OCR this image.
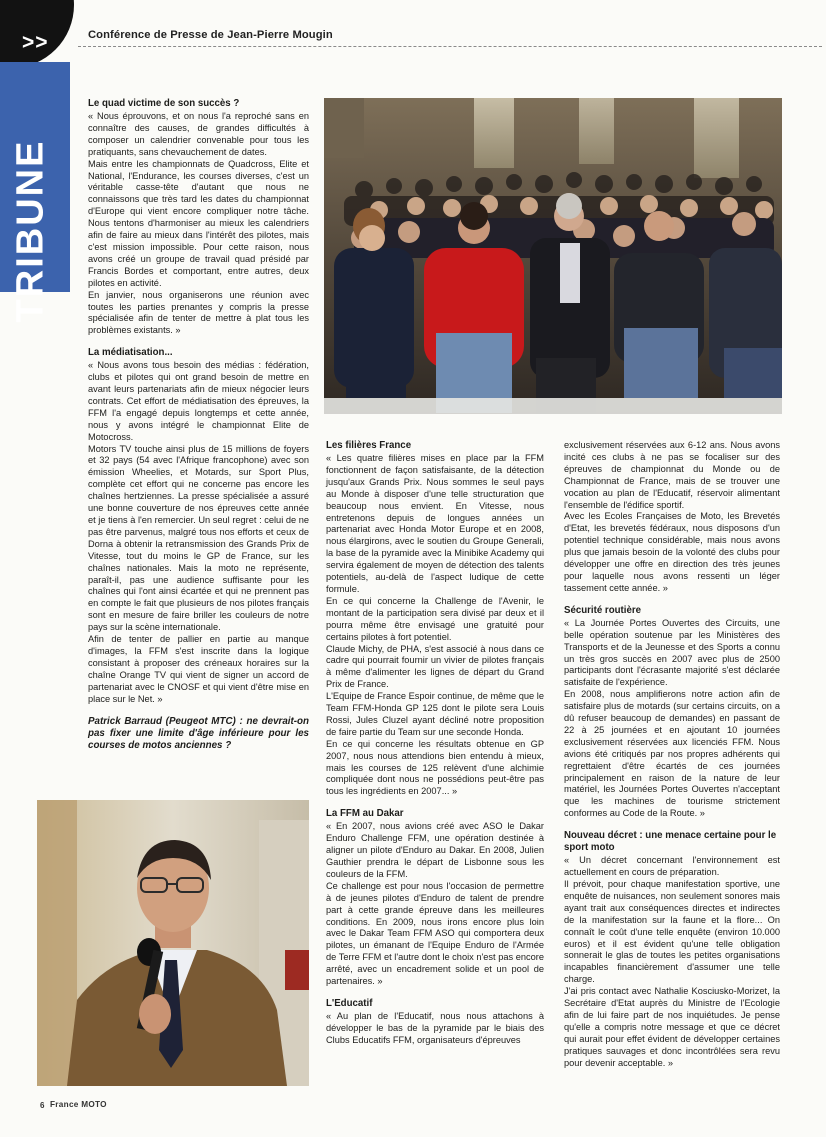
>>	Conférence de Presse de Jean-Pierre Mougin
TRIBUNE
Le quad victime de son succès ?

« Nous éprouvons, et on nous l'a reproché sans en connaître des causes, de grandes difficultés à composer un calendrier convenable pour tous les pratiquants, sans chevauchement de dates.

Mais entre les championnats de Quadcross, Elite et National, l'Endurance, les courses diverses, c'est un véritable casse-tête d'autant que nous ne connaissons que très tard les dates du championnat d'Europe qui vient encore compliquer notre tâche. Nous tentons d'harmoniser au mieux les calendriers afin de faire au mieux dans l'intérêt des pilotes, mais c'est mission impossible. Pour cette raison, nous avons créé un groupe de travail quad présidé par Francis Bordes et comportant, entre autres, deux pilotes en activité.

En janvier, nous organiserons une réunion avec toutes les parties prenantes y compris la presse spécialisée afin de tenter de mettre à plat tous les problèmes existants. »

La médiatisation...

« Nous avons tous besoin des médias : fédération, clubs et pilotes qui ont grand besoin de mettre en avant leurs partenariats afin de mieux négocier leurs contrats. Cet effort de médiatisation des épreuves, la FFM l'a engagé depuis longtemps et cette année, nous y avons intégré le championnat Elite de Motocross.

Motors TV touche ainsi plus de 15 millions de foyers et 32 pays (54 avec l'Afrique francophone) avec son émission Wheelies, et Motards, sur Sport Plus, complète cet effort qui ne concerne pas encore les chaînes hertziennes. La presse spécialisée a assuré une bonne couverture de nos épreuves cette année et je tiens à l'en remercier. Un seul regret : celui de ne pas être parvenus, malgré tous nos efforts et ceux de Dorna à obtenir la retransmission des Grands Prix de Vitesse, tout du moins le GP de France, sur les chaînes nationales. Mais la moto ne représente, paraît-il, pas une audience suffisante pour les chaînes qui l'ont ainsi écartée et qui ne prennent pas en compte le fait que plusieurs de nos pilotes français sont en mesure de faire briller les couleurs de notre pays sur la scène internationale.

Afin de tenter de pallier en partie au manque d'images, la FFM s'est inscrite dans la logique consistant à proposer des créneaux horaires sur la chaîne Orange TV qui vient de signer un accord de partenariat avec le CNOSF et qui vient d'être mise en place sur le Net. »

Patrick Barraud (Peugeot MTC) : ne devrait-on pas fixer une limite d'âge inférieure pour les courses de motos anciennes ?

Les filières France

« Les quatre filières mises en place par la FFM fonctionnent de façon satisfaisante, de la détection jusqu'aux Grands Prix. Nous sommes le seul pays au Monde à disposer d'une telle structuration que beaucoup nous envient. En Vitesse, nous entretenons depuis de longues années un partenariat avec Honda Motor Europe et en 2008, nous élargirons, avec le soutien du Groupe Generali, la base de la pyramide avec la Minibike Academy qui servira également de moyen de détection des talents potentiels, au-delà de l'aspect ludique de cette formule.

En ce qui concerne la Challenge de l'Avenir, le montant de la participation sera divisé par deux et il pourra même être envisagé une gratuité pour certains pilotes à fort potentiel.

Claude Michy, de PHA, s'est associé à nous dans ce cadre qui pourrait fournir un vivier de pilotes français à même d'alimenter les lignes de départ du Grand Prix de France.

L'Equipe de France Espoir continue, de même que le Team FFM-Honda GP 125 dont le pilote sera Louis Rossi, Jules Cluzel ayant décliné notre proposition de faire partie du Team sur une seconde Honda.

En ce qui concerne les résultats obtenue en GP 2007, nous nous attendions bien entendu à mieux, mais les courses de 125 relèvent d'une alchimie compliquée dont nous ne possédions peut-être pas tous les ingrédients en 2007... »

La FFM au Dakar

« En 2007, nous avions créé avec ASO le Dakar Enduro Challenge FFM, une opération destinée à aligner un pilote d'Enduro au Dakar. En 2008, Julien Gauthier prendra le départ de Lisbonne sous les couleurs de la FFM.

Ce challenge est pour nous l'occasion de permettre à de jeunes pilotes d'Enduro de talent de prendre part à cette grande épreuve dans les meilleures conditions. En 2009, nous irons encore plus loin avec le Dakar Team FFM ASO qui comportera deux pilotes, un émanant de l'Equipe Enduro de l'Armée de Terre FFM et l'autre dont le choix n'est pas encore arrêté, avec un encadrement solide et un pool de partenaires. »

L'Educatif

« Au plan de l'Educatif, nous nous attachons à développer le bas de la pyramide par le biais des Clubs Educatifs FFM, organisateurs d'épreuves

exclusivement réservées aux 6-12 ans. Nous avons incité ces clubs à ne pas se focaliser sur des épreuves de championnat du Monde ou de Championnat de France, mais de se trouver une vocation au plan de l'Educatif, réservoir alimentant l'ensemble de l'édifice sportif.

Avec les Ecoles Françaises de Moto, les Brevetés d'Etat, les brevetés fédéraux, nous disposons d'un potentiel technique considérable, mais nous avons plus que jamais besoin de la volonté des clubs pour développer une offre en direction des très jeunes pour laquelle nous avons ressenti un léger tassement cette année. »

Sécurité routière

« La Journée Portes Ouvertes des Circuits, une belle opération soutenue par les Ministères des Transports et de la Jeunesse et des Sports a connu un très gros succès en 2007 avec plus de 2500 participants dont l'écrasante majorité s'est déclarée satisfaite de l'expérience.

En 2008, nous amplifierons notre action afin de satisfaire plus de motards (sur certains circuits, on a dû refuser beaucoup de demandes) en passant de 22 à 25 journées et en ajoutant 10 journées exclusivement réservées aux licenciés FFM. Nous avions été critiqués par nos propres adhérents qui regrettaient d'être écartés de ces journées principalement en raison de la nature de leur matériel, les Journées Portes Ouvertes n'acceptant que les machines de tourisme strictement conformes au Code de la Route. »

Nouveau décret : une menace certaine pour le sport moto

« Un décret concernant l'environnement est actuellement en cours de préparation.

Il prévoit, pour chaque manifestation sportive, une enquête de nuisances, non seulement sonores mais ayant trait aux conséquences directes et indirectes de la manifestation sur la faune et la flore... On connaît le coût d'une telle enquête (environ 10.000 euros) et il est évident qu'une telle obligation sonnerait le glas de toutes les petites organisations incapables financièrement d'assumer une telle charge.

J'ai pris contact avec Nathalie Kosciusko-Morizet, la Secrétaire d'Etat auprès du Ministre de l'Ecologie afin de lui faire part de nos inquiétudes. Je pense qu'elle a compris notre message et que ce décret qui aurait pour effet évident de développer certaines pratiques sauvages et donc incontrôlées sera revu pour devenir acceptable. »

6 France MOTO
